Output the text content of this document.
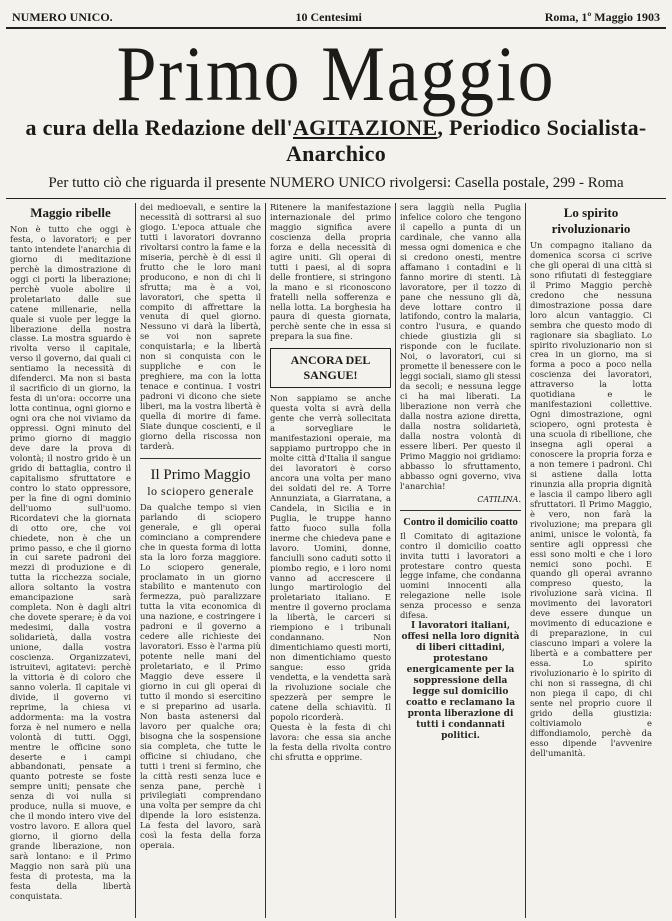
NUMERO UNICO.	10 Centesimi	Roma, 1º Maggio 1903
Primo Maggio
a cura della Redazione dell'AGITAZIONE, Periodico Socialista-Anarchico
Per tutto ciò che riguarda il presente NUMERO UNICO rivolgersi: Casella postale, 299 - Roma
Maggio ribelle

Non è tutto che oggi è festa, o lavoratori; e per tanto intendete l'anarchia di giorno di meditazione perchè la dimostrazione di oggi ci porti la liberazione; perchè vuole abolire il proletariato dalle sue catene millenarie, nella quale si vuole per legge la liberazione della nostra classe. La mostra sguardo è rivolta verso il capitale, verso il governo, dai quali ci sentiamo la necessità di difenderci. Ma non si basta il sacrificio di un giorno, la festa di un'ora: occorre una lotta continua, ogni giorno e ogni ora che noi viviamo da oppressi. Ogni minuto del primo giorno di maggio deve dare la prova di volontà; il nostro grido è un grido di battaglia, contro il capitalismo sfruttatore e contro lo stato oppressore, per la fine di ogni dominio dell'uomo sull'uomo. Ricordatevi che la giornata di otto ore, che voi chiedete, non è che un primo passo, e che il giorno in cui sarete padroni dei mezzi di produzione e di tutta la ricchezza sociale, allora soltanto la vostra emancipazione sarà completa. Non è dagli altri che dovete sperare; è da voi medesimi, dalla vostra solidarietà, dalla vostra unione, dalla vostra coscienza. Organizzatevi, istruitevi, agitatevi: perchè la vittoria è di coloro che sanno volerla. Il capitale vi divide, il governo vi reprime, la chiesa vi addormenta: ma la vostra forza è nel numero e nella volontà di tutti. Oggi, mentre le officine sono deserte e i campi abbandonati, pensate a quanto potreste se foste sempre uniti; pensate che senza di voi nulla si produce, nulla si muove, e che il mondo intero vive del vostro lavoro. E allora quel giorno, il giorno della grande liberazione, non sarà lontano: e il Primo Maggio non sarà più una festa di protesta, ma la festa della libertà conquistata.

dei medioevali, e sentire la necessità di sottrarsi al suo giogo. L'epoca attuale che tutti i lavoratori dovranno rivoltarsi contro la fame e la miseria, perchè è di essi il frutto che le loro mani producono, e non di chi li sfrutta; ma è a voi, lavoratori, che spetta il compito di affrettare la venuta di quel giorno. Nessuno vi darà la libertà, se voi non saprete conquistarla; e la libertà non si conquista con le suppliche e con le preghiere, ma con la lotta tenace e continua. I vostri padroni vi dicono che siete liberi, ma la vostra libertà è quella di morire di fame. Siate dunque coscienti, e il giorno della riscossa non tarderà.

Il Primo Maggio
lo sciopero generale

Da qualche tempo si vien parlando di sciopero generale, e gli operai cominciano a comprendere che in questa forma di lotta sta la loro forza maggiore. Lo sciopero generale, proclamato in un giorno stabilito e mantenuto con fermezza, può paralizzare tutta la vita economica di una nazione, e costringere i padroni e il governo a cedere alle richieste dei lavoratori. Esso è l'arma più potente nelle mani del proletariato, e il Primo Maggio deve essere il giorno in cui gli operai di tutto il mondo si esercitino e si preparino ad usarla. Non basta astenersi dal lavoro per qualche ora; bisogna che la sospensione sia completa, che tutte le officine si chiudano, che tutti i treni si fermino, che la città resti senza luce e senza pane, perchè i privilegiati comprendano una volta per sempre da chi dipende la loro esistenza. La festa del lavoro, sarà così la festa della forza operaia.

Ritenere la manifestazione internazionale del primo maggio significa avere coscienza della propria forza e della necessità di agire uniti. Gli operai di tutti i paesi, al di sopra delle frontiere, si stringono la mano e si riconoscono fratelli nella sofferenza e nella lotta. La borghesia ha paura di questa giornata, perchè sente che in essa si prepara la sua fine.

ANCORA DEL SANGUE!

Non sappiamo se anche questa volta si avrà della gente che verrà sollecitata a sorvegliare le manifestazioni operaie, ma sappiamo purtroppo che in molte città d'Italia il sangue dei lavoratori è corso ancora una volta per mano dei soldati del re. A Torre Annunziata, a Giarratana, a Candela, in Sicilia e in Puglia, le truppe hanno fatto fuoco sulla folla inerme che chiedeva pane e lavoro. Uomini, donne, fanciulli sono caduti sotto il piombo regio, e i loro nomi vanno ad accrescere il lungo martirologio del proletariato italiano. E mentre il governo proclama la libertà, le carceri si riempiono e i tribunali condannano. Non dimentichiamo questi morti, non dimentichiamo questo sangue: esso grida vendetta, e la vendetta sarà la rivoluzione sociale che spezzerà per sempre le catene della schiavitù. Il popolo ricorderà.

Questa è la festa di chi lavora: che essa sia anche la festa della rivolta contro chi sfrutta e opprime.

sera laggiù nella Puglia infelice coloro che tengono il capello a punta di un cardinale, che vanno alla messa ogni domenica e che si credono onesti, mentre affamano i contadini e li fanno morire di stenti. Là lavoratore, per il tozzo di pane che nessuno gli dà, deve lottare contro il latifondo, contro la malaria, contro l'usura, e quando chiede giustizia gli si risponde con le fucilate. Noi, o lavoratori, cui si promette il benessere con le leggi sociali, siamo gli stessi da secoli; e nessuna legge ci ha mai liberati. La liberazione non verrà che dalla nostra azione diretta, dalla nostra solidarietà, dalla nostra volontà di essere liberi. Per questo il Primo Maggio noi gridiamo: abbasso lo sfruttamento, abbasso ogni governo, viva l'anarchia!

CATILINA.
Contro il domicilio coatto

Il Comitato di agitazione contro il domicilio coatto invita tutti i lavoratori a protestare contro questa legge infame, che condanna uomini innocenti alla relegazione nelle isole senza processo e senza difesa.

I lavoratori italiani, offesi nella loro dignità di liberi cittadini, protestano energicamente per la soppressione della legge sul domicilio coatto e reclamano la pronta liberazione di tutti i condannati politici.

Lo spirito rivoluzionario

Un compagno italiano da domenica scorsa ci scrive che gli operai di una città si sono rifiutati di festeggiare il Primo Maggio perchè credono che nessuna dimostrazione possa dare loro alcun vantaggio. Ci sembra che questo modo di ragionare sia sbagliato. Lo spirito rivoluzionario non si crea in un giorno, ma si forma a poco a poco nella coscienza dei lavoratori, attraverso la lotta quotidiana e le manifestazioni collettive. Ogni dimostrazione, ogni sciopero, ogni protesta è una scuola di ribellione, che insegna agli operai a conoscere la propria forza e a non temere i padroni. Chi si astiene dalla lotta rinunzia alla propria dignità e lascia il campo libero agli sfruttatori. Il Primo Maggio, è vero, non farà la rivoluzione; ma prepara gli animi, unisce le volontà, fa sentire agli oppressi che essi sono molti e che i loro nemici sono pochi. E quando gli operai avranno compreso questo, la rivoluzione sarà vicina. Il movimento dei lavoratori deve essere dunque un movimento di educazione e di preparazione, in cui ciascuno impari a volere la libertà e a combattere per essa. Lo spirito rivoluzionario è lo spirito di chi non si rassegna, di chi non piega il capo, di chi sente nel proprio cuore il grido della giustizia: coltiviamolo e diffondiamolo, perchè da esso dipende l'avvenire dell'umanità.
